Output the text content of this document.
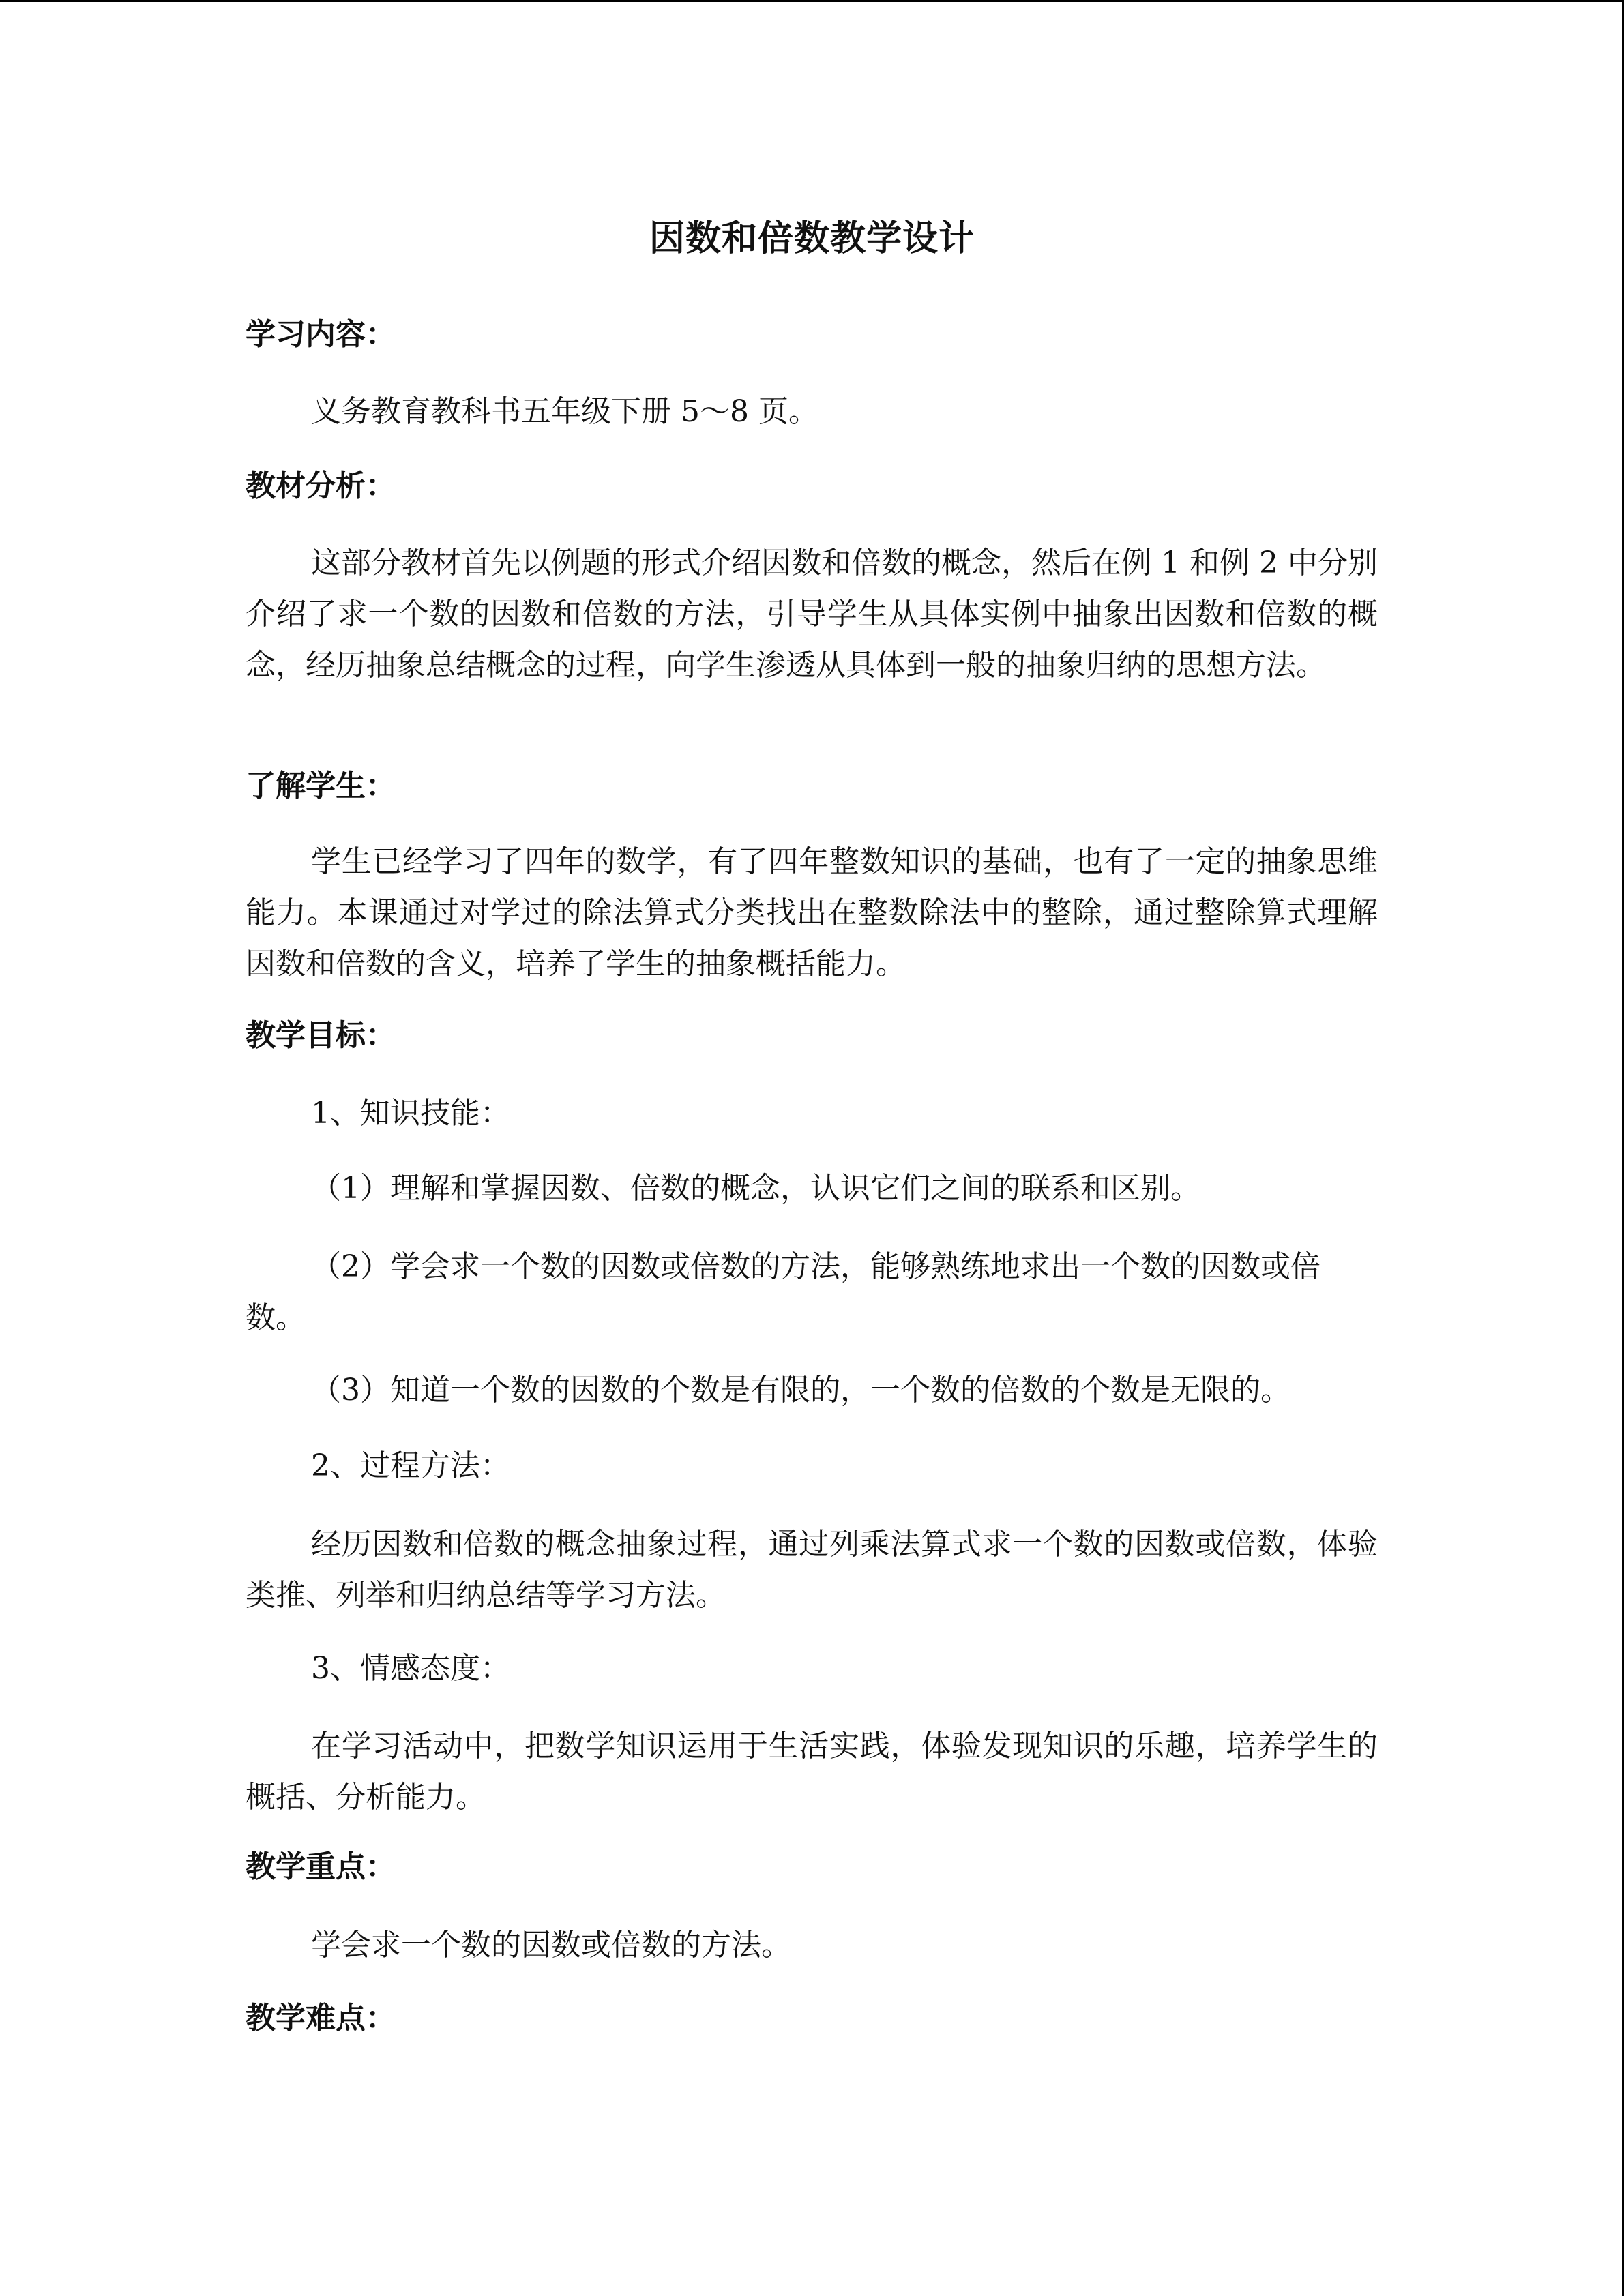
因数和倍数教学设计
学习内容：
义务教育教科书五年级下册 5～8 页。
教材分析：
这部分教材首先以例题的形式介绍因数和倍数的概念，然后在例 1 和例 2 中分别介绍了求一个数的因数和倍数的方法，引导学生从具体实例中抽象出因数和倍数的概念，经历抽象总结概念的过程，向学生渗透从具体到一般的抽象归纳的思想方法。
了解学生：
学生已经学习了四年的数学，有了四年整数知识的基础，也有了一定的抽象思维能力。本课通过对学过的除法算式分类找出在整数除法中的整除，通过整除算式理解因数和倍数的含义，培养了学生的抽象概括能力。
教学目标：
1、知识技能：
（1）理解和掌握因数、倍数的概念，认识它们之间的联系和区别。
（2）学会求一个数的因数或倍数的方法，能够熟练地求出一个数的因数或倍数。
（3）知道一个数的因数的个数是有限的，一个数的倍数的个数是无限的。
2、过程方法：
经历因数和倍数的概念抽象过程，通过列乘法算式求一个数的因数或倍数，体验类推、列举和归纳总结等学习方法。
3、情感态度：
在学习活动中，把数学知识运用于生活实践，体验发现知识的乐趣，培养学生的概括、分析能力。
教学重点：
学会求一个数的因数或倍数的方法。
教学难点：
